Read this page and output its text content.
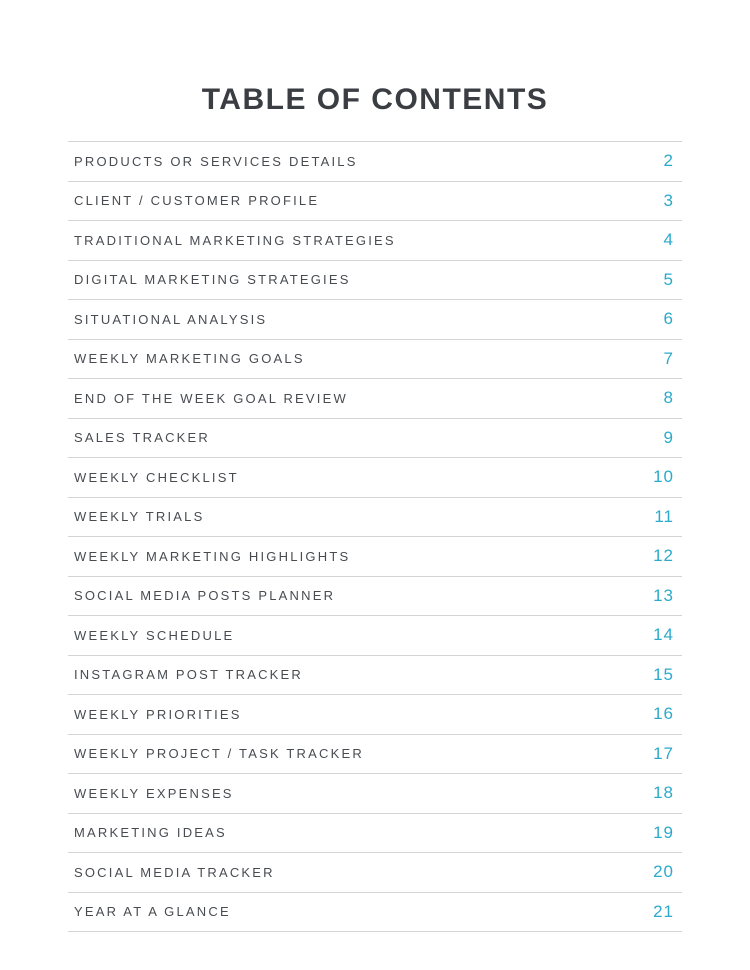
TABLE OF CONTENTS
PRODUCTS OR SERVICES DETAILS	2
CLIENT / CUSTOMER PROFILE	3
TRADITIONAL MARKETING STRATEGIES	4
DIGITAL MARKETING STRATEGIES	5
SITUATIONAL ANALYSIS	6
WEEKLY MARKETING GOALS	7
END OF THE WEEK GOAL REVIEW	8
SALES TRACKER	9
WEEKLY CHECKLIST	10
WEEKLY TRIALS	11
WEEKLY MARKETING HIGHLIGHTS	12
SOCIAL MEDIA POSTS PLANNER	13
WEEKLY SCHEDULE	14
INSTAGRAM POST TRACKER	15
WEEKLY PRIORITIES	16
WEEKLY PROJECT / TASK TRACKER	17
WEEKLY EXPENSES	18
MARKETING IDEAS	19
SOCIAL MEDIA TRACKER	20
YEAR AT A GLANCE	21
